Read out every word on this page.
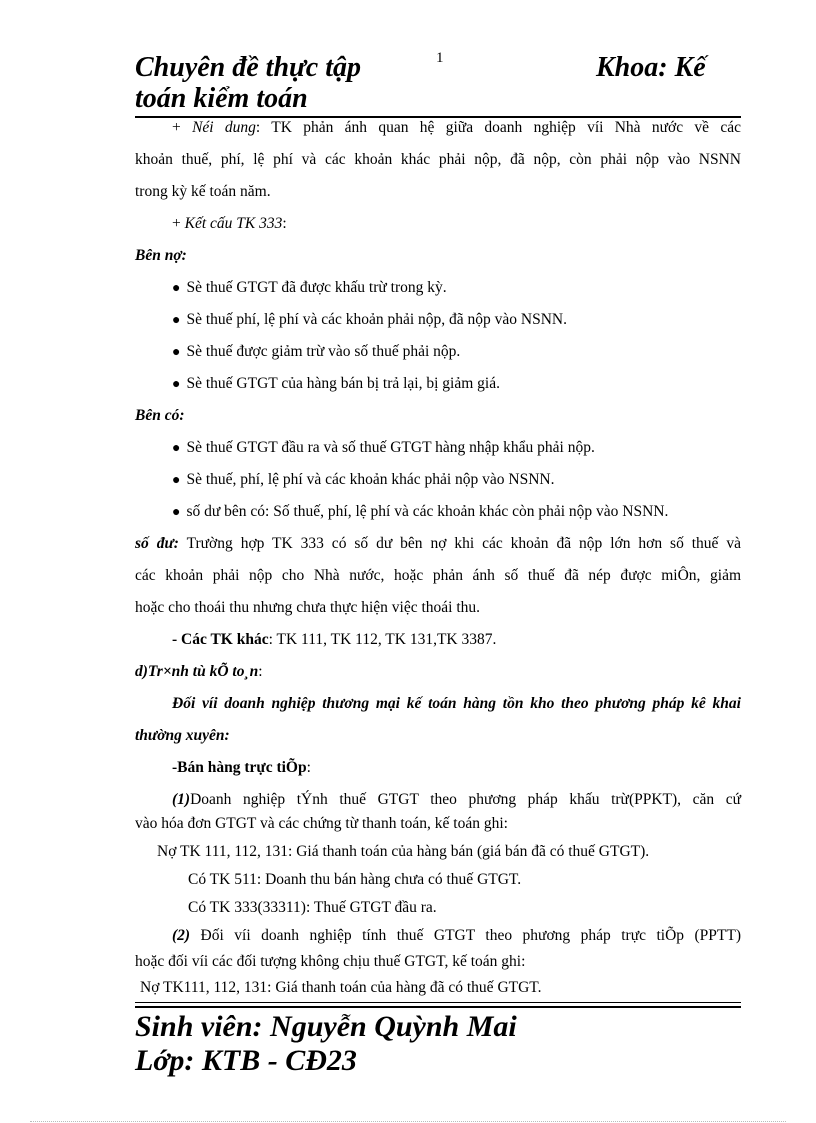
1
Chuyên đề thực tập
toán kiểm toán
Khoa: Kế
+ Néi dung: TK phản ánh quan hệ giữa doanh nghiệp víi Nhà nước về các
khoản thuế, phí, lệ phí và các khoản khác phải nộp, đã nộp, còn phải nộp vào NSNN
trong kỳ kế toán năm.
+ Kết cấu TK 333:
Bên nợ:
● Sè thuế GTGT đã được khấu trừ trong kỳ.
● Sè thuế phí, lệ phí và các khoản phải nộp, đã nộp vào NSNN.
● Sè thuế được giảm trừ vào số thuế phải nộp.
● Sè thuế GTGT của hàng bán bị trả lại, bị giảm giá.
Bên có:
● Sè thuế GTGT đầu ra và số thuế GTGT hàng nhập khẩu phải nộp.
● Sè thuế, phí, lệ phí và các khoản khác phải nộp vào NSNN.
● số dư bên có: Số thuế, phí, lệ phí và các khoản khác còn phải nộp vào NSNN.
số đư: Trường hợp TK 333 có số dư bên nợ khi các khoản đã nộp lớn hơn số thuế và
các khoản phải nộp cho Nhà nước, hoặc phản ánh số thuế đã nép được miÔn, giảm
hoặc cho thoái thu nhưng chưa thực hiện việc thoái thu.
- Các TK khác: TK 111, TK 112, TK 131,TK 3387.
d)Tr×nh tù kÕ to¸n:
Đối víi doanh nghiệp thương mại kế toán hàng tồn kho theo phương pháp kê khai
thường xuyên:
-Bán hàng trực tiÕp:
(1)Doanh nghiệp tÝnh thuế GTGT theo phương pháp khấu trừ(PPKT), căn cứ
vào hóa đơn GTGT và các chứng từ thanh toán, kế toán ghi:
Nợ TK 111, 112, 131: Giá thanh toán của hàng bán (giá bán đã có thuế GTGT).
Có TK 511: Doanh thu bán hàng chưa có thuế GTGT.
Có TK 333(33311): Thuế GTGT đầu ra.
(2) Đối víi doanh nghiệp tính thuế GTGT theo phương pháp trực tiÕp (PPTT)
hoặc đối víi các đối tượng không chịu thuế GTGT, kế toán ghi:
Nợ TK111, 112, 131: Giá thanh toán của hàng đã có thuế GTGT.
Sinh viên: Nguyễn Quỳnh Mai
Lớp: KTB - CĐ23
